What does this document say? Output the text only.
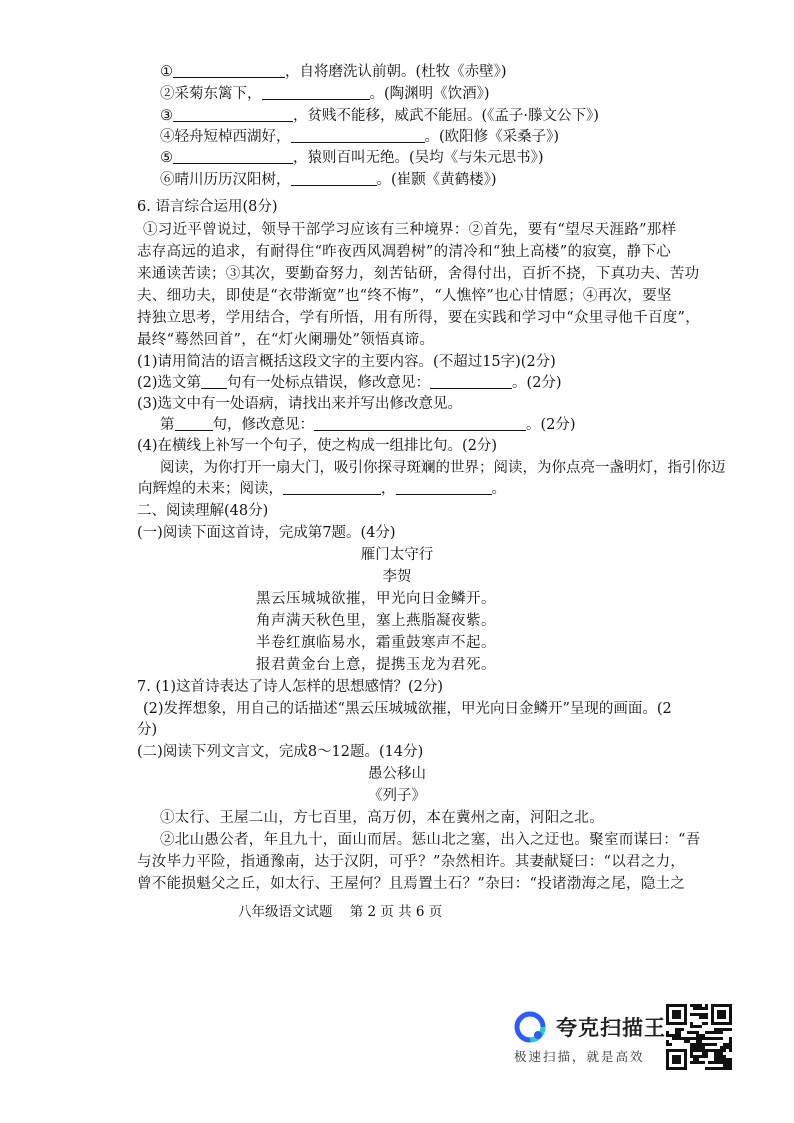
①	，自将磨洗认前朝。(杜牧《赤壁》)
②采菊东篱下，	。(陶渊明《饮酒》)
③	，贫贱不能移，威武不能屈。(《孟子·滕文公下》)
④轻舟短棹西湖好，	。(欧阳修《采桑子》)
⑤	，猿则百叫无绝。(吴均《与朱元思书》)
⑥晴川历历汉阳树，	。(崔颢《黄鹤楼》)
6. 语言综合运用(8分)
①习近平曾说过，领导干部学习应该有三种境界：②首先，要有“望尽天涯路”那样
志存高远的追求，有耐得住“昨夜西风凋碧树”的清冷和“独上高楼”的寂寞，静下心
来通读苦读；③其次，要勤奋努力，刻苦钻研，舍得付出，百折不挠，下真功夫、苦功
夫、细功夫，即使是“衣带渐宽”也“终不悔”，“人憔悴”也心甘情愿；④再次，要坚
持独立思考，学用结合，学有所悟，用有所得，要在实践和学习中“众里寻他千百度”，
最终“蓦然回首”，在“灯火阑珊处”领悟真谛。
(1)请用简洁的语言概括这段文字的主要内容。(不超过15字)(2分)
(2)选文第 句有一处标点错误，修改意见：	。(2分)
(3)选文中有一处语病，请找出来并写出修改意见。
第	句，修改意见：	。(2分)
(4)在横线上补写一个句子，使之构成一组排比句。(2分)
阅读，为你打开一扇大门，吸引你探寻斑斓的世界；阅读，为你点亮一盏明灯，指引你迈
向辉煌的未来；阅读，	，	。
二、阅读理解(48分)
(一)阅读下面这首诗，完成第7题。(4分)
雁门太守行
李贺
黑云压城城欲摧，甲光向日金鳞开。
角声满天秋色里，塞上燕脂凝夜紫。
半卷红旗临易水，霜重鼓寒声不起。
报君黄金台上意，提携玉龙为君死。
7. (1)这首诗表达了诗人怎样的思想感情？(2分)
(2)发挥想象，用自己的话描述“黑云压城城欲摧，甲光向日金鳞开”呈现的画面。(2
分)
(二)阅读下列文言文，完成8～12题。(14分)
愚公移山
《列子》
①太行、王屋二山，方七百里，高万仞，本在冀州之南，河阳之北。
②北山愚公者，年且九十，面山而居。惩山北之塞，出入之迂也。聚室而谋曰：“吾
与汝毕力平险，指通豫南，达于汉阴，可乎？”杂然相许。其妻献疑曰：“以君之力，
曾不能损魁父之丘，如太行、王屋何？且焉置土石？”杂曰：“投诸渤海之尾，隐土之
八年级语文试题    第 2 页 共 6 页
夸克扫描王
极速扫描，就是高效
